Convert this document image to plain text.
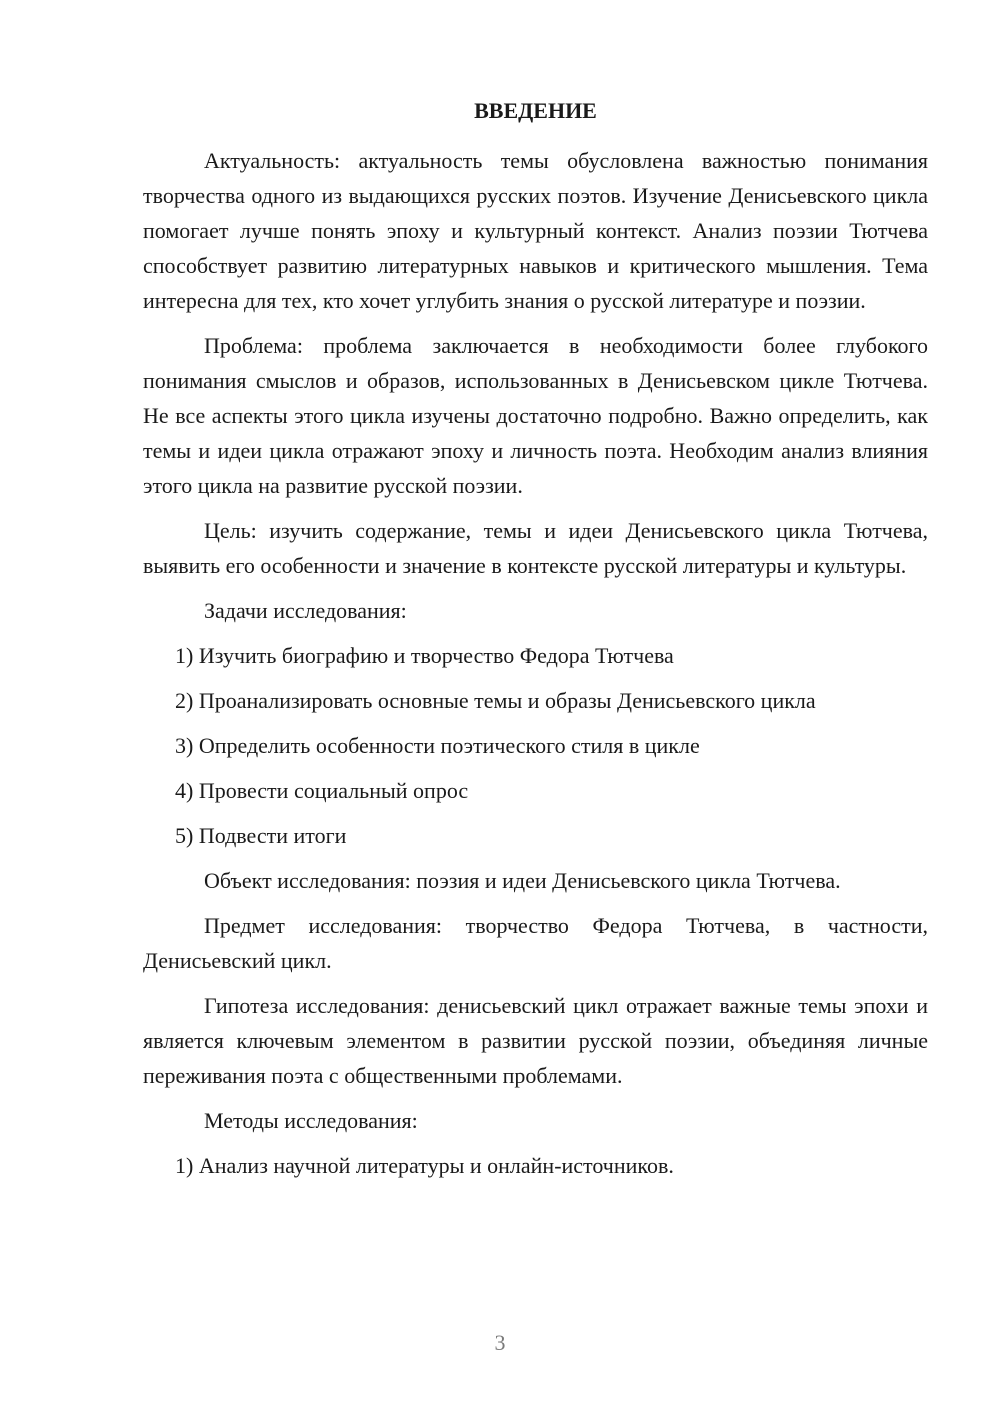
ВВЕДЕНИЕ

Актуальность: актуальность темы обусловлена важностью понимания творчества одного из выдающихся русских поэтов. Изучение Денисьевского цикла помогает лучше понять эпоху и культурный контекст. Анализ поэзии Тютчева способствует развитию литературных навыков и критического мышления. Тема интересна для тех, кто хочет углубить знания о русской литературе и поэзии.

Проблема: проблема заключается в необходимости более глубокого понимания смыслов и образов, использованных в Денисьевском цикле Тютчева. Не все аспекты этого цикла изучены достаточно подробно. Важно определить, как темы и идеи цикла отражают эпоху и личность поэта. Необходим анализ влияния этого цикла на развитие русской поэзии.

Цель: изучить содержание, темы и идеи Денисьевского цикла Тютчева, выявить его особенности и значение в контексте русской литературы и культуры.

Задачи исследования:

1) Изучить биографию и творчество Федора Тютчева
2) Проанализировать основные темы и образы Денисьевского цикла
3) Определить особенности поэтического стиля в цикле
4) Провести социальный опрос
5) Подвести итоги

Объект исследования: поэзия и идеи Денисьевского цикла Тютчева.

Предмет исследования: творчество Федора Тютчева, в частности, Денисьевский цикл.

Гипотеза исследования: денисьевский цикл отражает важные темы эпохи и является ключевым элементом в развитии русской поэзии, объединяя личные переживания поэта с общественными проблемами.

Методы исследования:

1) Анализ научной литературы и онлайн-источников.
3
